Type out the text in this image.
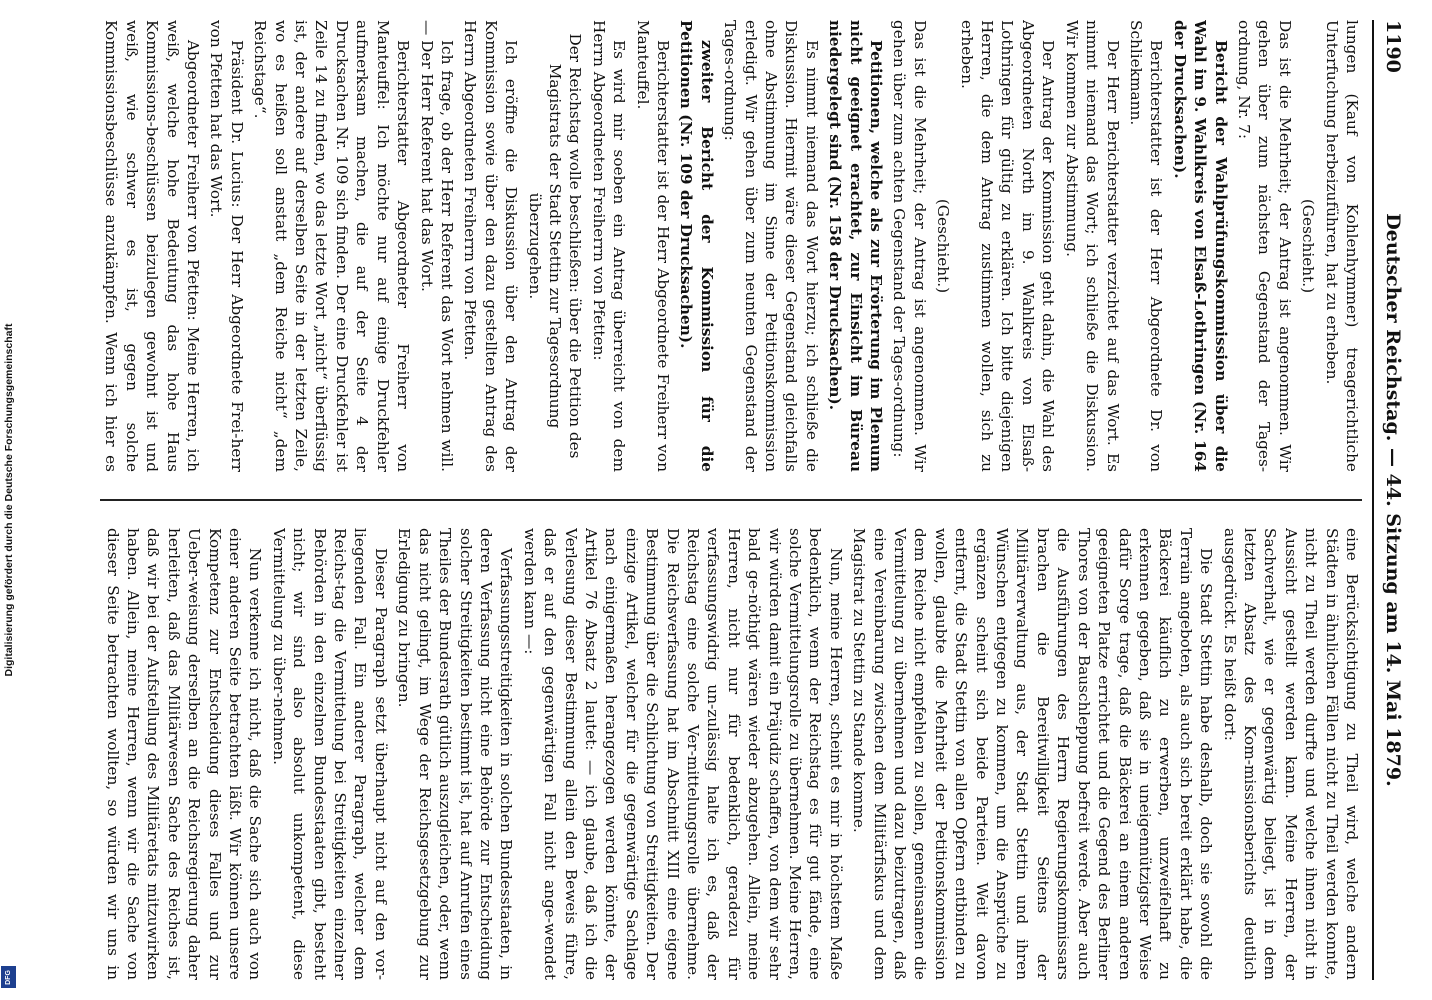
Digitalisierung gefördert durch die Deutsche Forschungsgemeinschaft
DFG
1190
Deutscher Reichstag. — 44. Sitzung am 14. Mai 1879.

lungen (Kauf von Kohlenhymmer) treagerichtliche Unterfuchung herbeizuführen, hat zu erheben.

(Geschieht.)

Das ist die Mehrheit; der Antrag ist angenommen. Wir gehen über zum nächsten Gegenstand der Tages-ordnung, Nr. 7:

Bericht der Wahlprüfungskommission über die Wahl im 9. Wahlkreis von Elsaß-Lothringen (Nr. 164 der Drucksachen).

Berichterstatter ist der Herr Abgeordnete Dr. von Schliekmann.

Der Herr Berichterstatter verzichtet auf das Wort. Es nimmt niemand das Wort; ich schließe die Diskussion. Wir kommen zur Abstimmung.

Der Antrag der Kommission geht dahin, die Wahl des Abgeordneten North im 9. Wahlkreis von Elsaß-Lothringen für gültig zu erklären. Ich bitte diejenigen Herren, die dem Antrag zustimmen wollen, sich zu erheben.

(Geschieht.)

Das ist die Mehrheit; der Antrag ist angenommen. Wir gehen über zum achten Gegenstand der Tages-ordnung:

Petitionen, welche als zur Erörterung im Plenum nicht geeignet erachtet, zur Einsicht im Büreau niedergelegt sind (Nr. 158 der Drucksachen).

Es nimmt niemand das Wort hierzu; ich schließe die Diskussion. Hiermit wäre dieser Gegenstand gleichfalls ohne Abstimmung im Sinne der Petitionskommission erledigt. Wir gehen über zum neunten Gegenstand der Tages-ordnung:

zweiter Bericht der Kommission für die Petitionen (Nr. 109 der Drucksachen).

Berichterstatter ist der Herr Abgeordnete Freiherr von Manteuffel.

Es wird mir soeben ein Antrag überreicht von dem Herrn Abgeordneten Freiherrn von Pfetten:

Der Reichstag wolle beschließen: über die Petition des Magistrats der Stadt Stettin zur Tagesordnung überzugehen.

Ich eröffne die Diskussion über den Antrag der Kommission sowie über den dazu gestellten Antrag des Herrn Abgeordneten Freiherrn von Pfetten.

Ich frage, ob der Herr Referent das Wort nehmen will. — Der Herr Referent hat das Wort.

Berichterstatter Abgeordneter Freiherr von Manteuffel: Ich möchte nur auf einige Druckfehler aufmerksam machen, die auf der Seite 4 der Drucksachen Nr. 109 sich finden. Der eine Druckfehler ist Zeile 14 zu finden, wo das letzte Wort „nicht“ überflüssig ist, der andere auf derselben Seite in der letzten Zeile, wo es heißen soll anstatt „dem Reiche nicht“ „dem Reichstage“.

Präsident Dr. Lucius: Der Herr Abgeordnete Frei-herr von Pfetten hat das Wort.

Abgeordneter Freiherr von Pfetten: Meine Herren, ich weiß, welche hohe Bedeutung das hohe Haus Kommissions-beschlüssen beizulegen gewohnt ist und weiß, wie schwer es ist, gegen solche Kommissionsbeschlüsse anzukämpfen. Wenn ich hier es

eine Berücksichtigung zu Theil wird, welche andern Städten in ähnlichen Fällen nicht zu Theil werden konnte, nicht zu Theil werden durfte und welche ihnen nicht in Aussicht gestellt werden kann. Meine Herren, der Sachverhalt, wie er gegenwärtig beliegt, ist in dem letzten Absatz des Kom-missionsberichts deutlich ausgedrückt. Es heißt dort:

Die Stadt Stettin habe deshalb, doch sie sowohl die Terrain angeboten, als auch sich bereit erklärt habe, die Bäckerei käuflich zu erwerben, unzweifelhaft zu erkennen gegeben, daß sie in uneigennützigster Weise dafür Sorge trage, daß die Bäckerei an einem anderen geeigneten Platze errichtet und die Gegend des Berliner Thores von der Bauschleppung befreit werde. Aber auch die Ausführungen des Herrn Regierungskommissars brachen die Bereitwilligkeit Seitens der Militärverwaltung aus, der Stadt Stettin und ihren Wünschen entgegen zu kommen, um die Ansprüche zu ergänzen scheint sich beide Parteien. Weit davon entfernt, die Stadt Stettin von allen Opfern entbinden zu wollen, glaubte die Mehrheit der Petitionskommission dem Reiche nicht empfehlen zu sollen, gemeinsamen die Vermittelung zu übernehmen und dazu beizutragen, daß eine Vereinbarung zwischen dem Militärfiskus und dem Magistrat zu Stettin zu Stande komme.

Nun, meine Herren, scheint es mir in höchstem Maße bedenklich, wenn der Reichstag es für gut fände, eine solche Vermittelungsrolle zu übernehmen. Meine Herren, wir würden damit ein Präjudiz schaffen, von dem wir sehr bald ge-nöthigt wären wieder abzugehen. Allein, meine Herren, nicht nur für bedenklich, geradezu für verfassungswidrig un-zulässig halte ich es, daß der Reichstag eine solche Ver-mittelungsrolle übernehme. Die Reichsverfassung hat im Abschnitt XIII eine eigene Bestimmung über die Schlichtung von Streitigkeiten. Der einzige Artikel, welcher für die gegenwärtige Sachlage nach einigermaßen herangezogen werden könnte, der Artikel 76 Absatz 2 lautet: — ich glaube, daß ich die Verlesung dieser Bestimmung allein den Beweis führe, daß er auf den gegenwärtigen Fall nicht ange-wendet werden kann —:

Verfassungsstreitigkeiten in solchen Bundesstaaten, in deren Verfassung nicht eine Behörde zur Entscheidung solcher Streitigkeiten bestimmt ist, hat auf Anrufen eines Theiles der Bundesrath gütlich auszugleichen, oder, wenn das nicht gelingt, im Wege der Reichsgesetzgebung zur Erledigung zu bringen.

Dieser Paragraph setzt überhaupt nicht auf den vor-liegenden Fall. Ein anderer Paragraph, welcher dem Reichs-tag die Vermittelung bei Streitigkeiten einzelner Behörden in den einzelnen Bundesstaaten gibt, besteht nicht; wir sind also absolut unkompetent, diese Vermittelung zu über-nehmen.

Nun verkenne ich nicht, daß die Sache sich auch von einer anderen Seite betrachten läßt. Wir können unsere Kompetenz zur Entscheidung dieses Falles und zur Ueber-weisung derselben an die Reichsregierung daher herleiten, daß das Militärwesen Sache des Reiches ist, daß wir bei der Aufstellung des Militäretats mitzuwirken haben. Allein, meine Herren, wenn wir die Sache von dieser Seite betrachten wollten, so würden wir uns in
